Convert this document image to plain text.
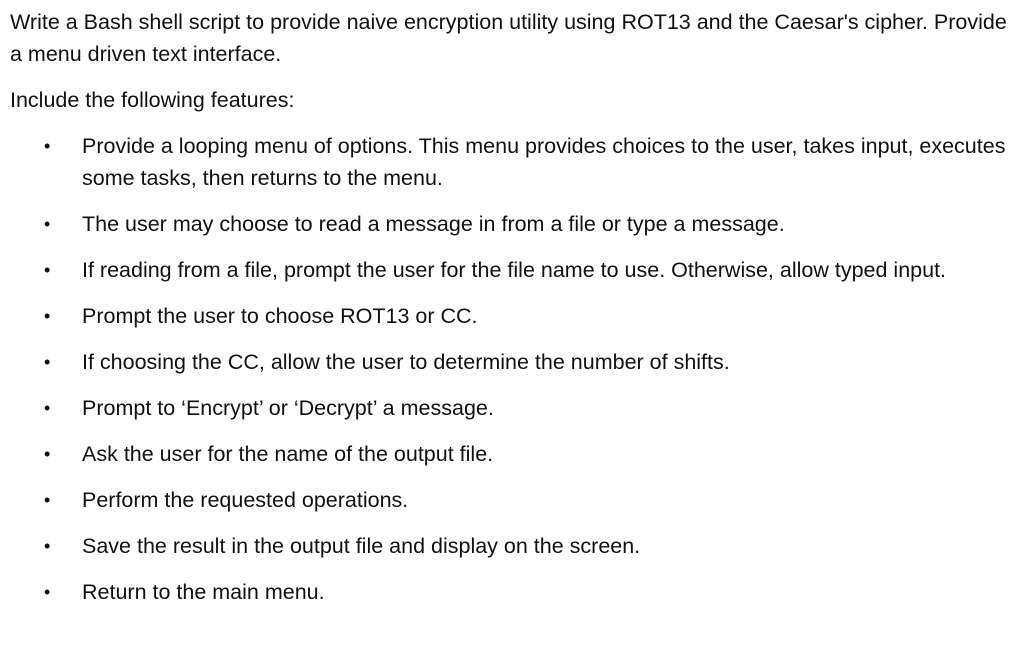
Write a Bash shell script to provide naive encryption utility using ROT13 and the Caesar's cipher. Provide a menu driven text interface.

Include the following features:

• Provide a looping menu of options. This menu provides choices to the user, takes input, executes some tasks, then returns to the menu.
• The user may choose to read a message in from a file or type a message.
• If reading from a file, prompt the user for the file name to use. Otherwise, allow typed input.
• Prompt the user to choose ROT13 or CC.
• If choosing the CC, allow the user to determine the number of shifts.
• Prompt to ‘Encrypt’ or ‘Decrypt’ a message.
• Ask the user for the name of the output file.
• Perform the requested operations.
• Save the result in the output file and display on the screen.
• Return to the main menu.
